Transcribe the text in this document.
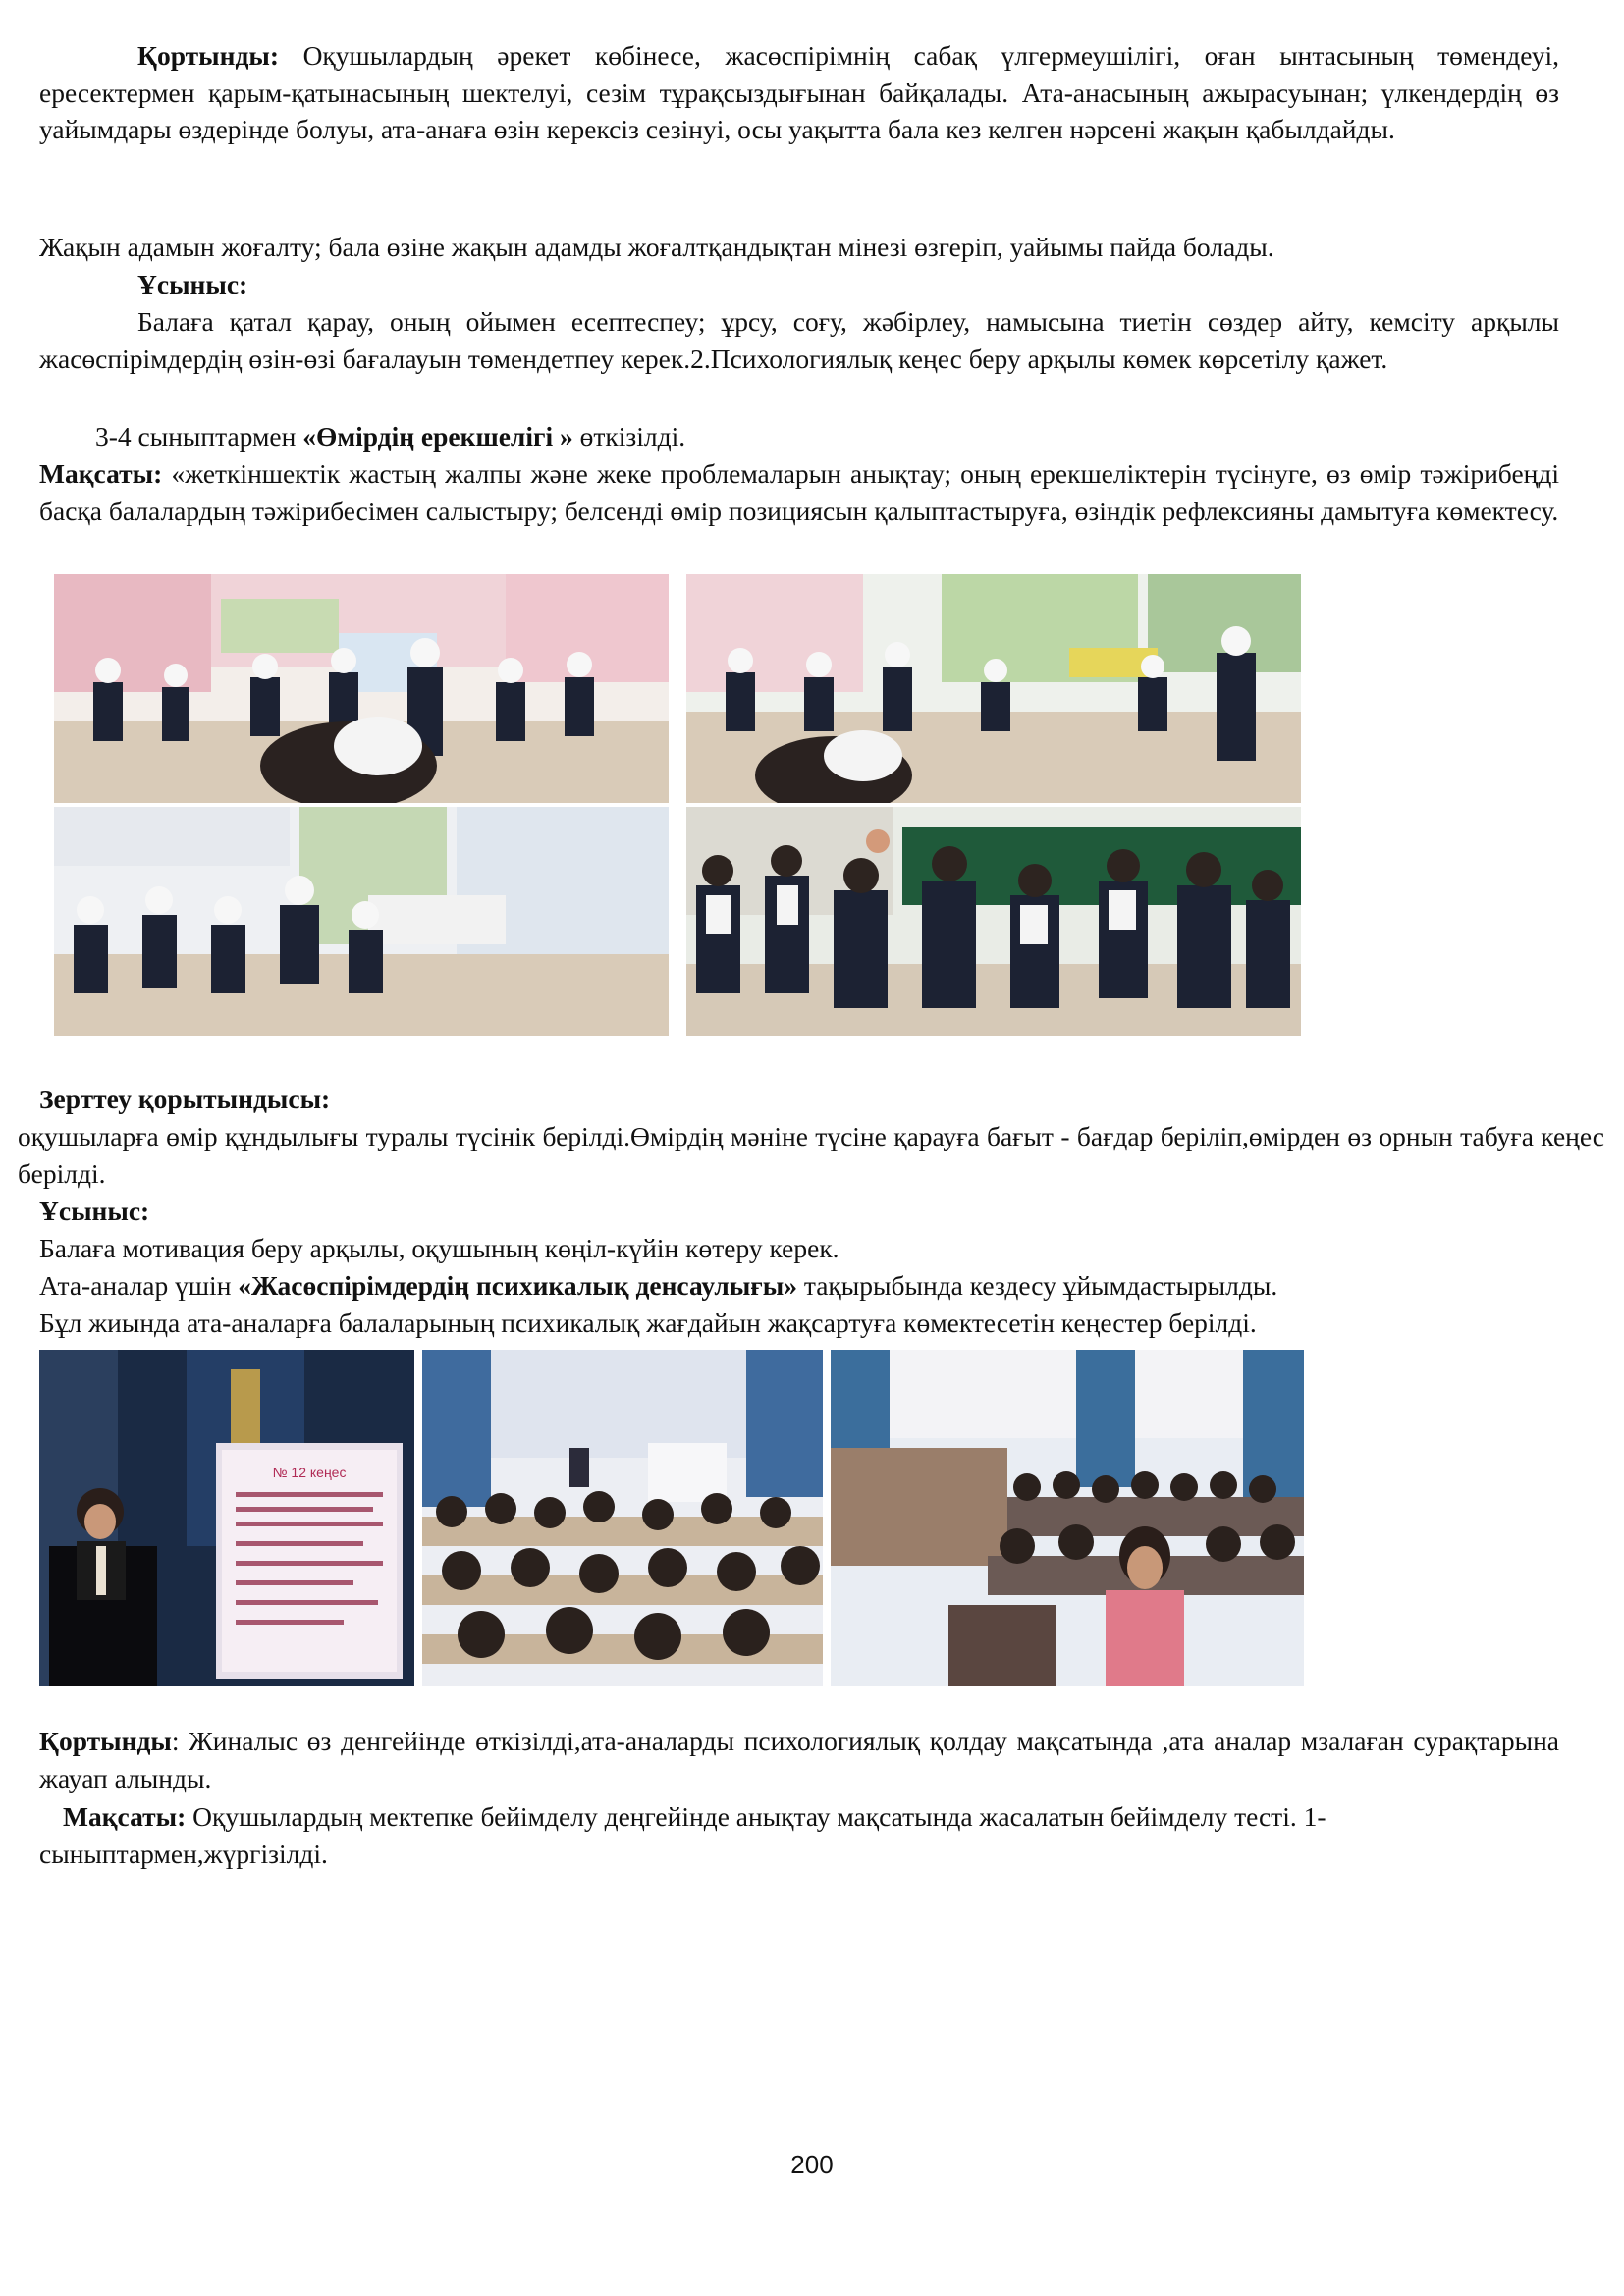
Қортынды: Оқушылардың әрекет көбінесе, жасөспірімнің сабақ үлгермеушілігі, оған ынтасының төмендеуі, ересектермен қарым-қатынасының шектелуі, сезім тұрақсыздығынан байқалады. Ата-анасының ажырасуынан; үлкендердің өз уайымдары өздерінде болуы, ата-анаға өзін керексіз сезінуі, осы уақытта бала кез келген нәрсені жақын қабылдайды.
Жақын адамын жоғалту; бала өзіне жақын адамды жоғалтқандықтан мінезі өзгеріп, уайымы пайда болады.
Ұсыныс:
Балаға қатал қарау, оның ойымен есептеспеу; ұрсу, соғу, жәбірлеу, намысына тиетін сөздер айту, кемсіту арқылы жасөспірімдердің өзін-өзі бағалауын төмендетпеу керек.2.Психологиялық кеңес беру арқылы көмек көрсетілу қажет.
3-4 сыныптармен «Өмірдің ерекшелігі » өткізілді.
Мақсаты: «жеткіншектік жастың жалпы және жеке проблемаларын анықтау; оның ерекшеліктерін түсінуге, өз өмір тәжірибеңді басқа балалардың тәжірибесімен салыстыру; белсенді өмір позициясын қалыптастыруға, өзіндік рефлексияны дамытуға көмектесу.
Зерттеу қорытындысы:
оқушыларға өмір құндылығы туралы түсінік берілді.Өмірдің мәніне түсіне қарауға бағыт - бағдар беріліп,өмірден өз орнын табуға кеңес берілді.
Ұсыныс:
Балаға мотивация беру арқылы, оқушының көңіл-күйін көтеру керек.
Ата-аналар үшін «Жасөспірімдердің психикалық денсаулығы» тақырыбында кездесу ұйымдастырылды.
Бұл жиында ата-аналарға балаларының психикалық жағдайын жақсартуға көмектесетін кеңестер берілді.
№ 12 кеңес
Қортынды: Жиналыс өз денгейінде өткізілді,ата-аналарды психологиялық қолдау мақсатында ,ата аналар мзалаған сурақтарына жауап алынды.
Мақсаты: Оқушылардың мектепке бейімделу деңгейінде анықтау мақсатында жасалатын бейімделу тесті. 1-сыныптармен,жүргізілді.
200
